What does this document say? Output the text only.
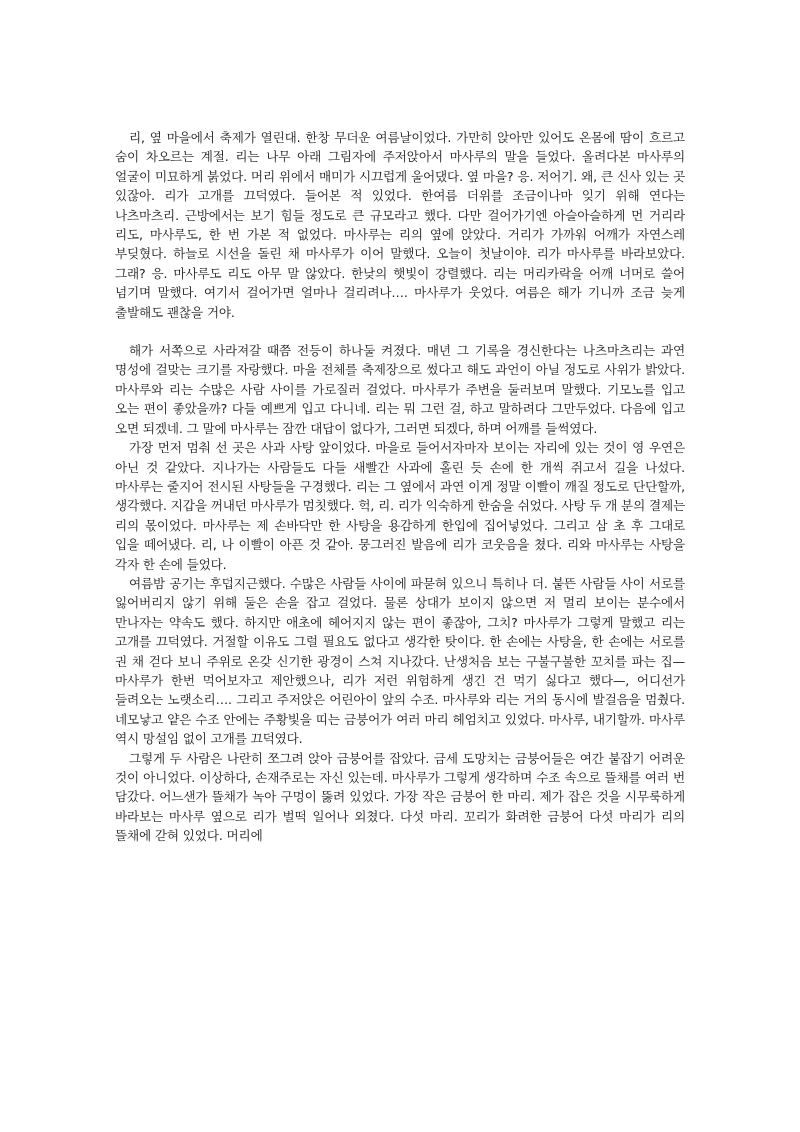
리, 옆 마을에서 축제가 열린대. 한창 무더운 여름날이었다. 가만히 앉아만 있어도 온몸에 땀이 흐르고 숨이 차오르는 계절. 리는 나무 아래 그림자에 주저앉아서 마사루의 말을 들었다. 올려다본 마사루의 얼굴이 미묘하게 붉었다. 머리 위에서 매미가 시끄럽게 울어댔다. 옆 마을? 응. 저어기. 왜, 큰 신사 있는 곳 있잖아. 리가 고개를 끄덕였다. 들어본 적 있었다. 한여름 더위를 조금이나마 잊기 위해 연다는 나츠마츠리. 근방에서는 보기 힘들 정도로 큰 규모라고 했다. 다만 걸어가기엔 아슬아슬하게 먼 거리라 리도, 마사루도, 한 번 가본 적 없었다. 마사루는 리의 옆에 앉았다. 거리가 가까워 어깨가 자연스레 부딪혔다. 하늘로 시선을 돌린 채 마사루가 이어 말했다. 오늘이 첫날이야. 리가 마사루를 바라보았다. 그래? 응. 마사루도 리도 아무 말 않았다. 한낮의 햇빛이 강렬했다. 리는 머리카락을 어깨 너머로 쓸어 넘기며 말했다. 여기서 걸어가면 얼마나 걸리려나…. 마사루가 웃었다. 여름은 해가 기니까 조금 늦게 출발해도 괜찮을 거야.

해가 서쪽으로 사라져갈 때쯤 전등이 하나둘 켜졌다. 매년 그 기록을 경신한다는 나츠마츠리는 과연 명성에 걸맞는 크기를 자랑했다. 마을 전체를 축제장으로 썼다고 해도 과언이 아닐 정도로 사위가 밝았다. 마사루와 리는 수많은 사람 사이를 가로질러 걸었다. 마사루가 주변을 둘러보며 말했다. 기모노를 입고 오는 편이 좋았을까? 다들 예쁘게 입고 다니네. 리는 뭐 그런 걸, 하고 말하려다 그만두었다. 다음에 입고 오면 되겠네. 그 말에 마사루는 잠깐 대답이 없다가, 그러면 되겠다, 하며 어깨를 들썩였다.

가장 먼저 멈춰 선 곳은 사과 사탕 앞이었다. 마을로 들어서자마자 보이는 자리에 있는 것이 영 우연은 아닌 것 같았다. 지나가는 사람들도 다들 새빨간 사과에 홀린 듯 손에 한 개씩 쥐고서 길을 나섰다. 마사루는 줄지어 전시된 사탕들을 구경했다. 리는 그 옆에서 과연 이게 정말 이빨이 깨질 정도로 단단할까, 생각했다. 지갑을 꺼내던 마사루가 멈칫했다. 헉, 리. 리가 익숙하게 한숨을 쉬었다. 사탕 두 개 분의 결제는 리의 몫이었다. 마사루는 제 손바닥만 한 사탕을 용감하게 한입에 집어넣었다. 그리고 삼 초 후 그대로 입을 떼어냈다. 리, 나 이빨이 아픈 것 같아. 뭉그러진 발음에 리가 코웃음을 쳤다. 리와 마사루는 사탕을 각자 한 손에 들었다.

여름밤 공기는 후덥지근했다. 수많은 사람들 사이에 파묻혀 있으니 특히나 더. 붙뜬 사람들 사이 서로를 잃어버리지 않기 위해 둘은 손을 잡고 걸었다. 물론 상대가 보이지 않으면 저 멀리 보이는 분수에서 만나자는 약속도 했다. 하지만 애초에 헤어지지 않는 편이 좋잖아, 그치? 마사루가 그렇게 말했고 리는 고개를 끄덕였다. 거절할 이유도 그럴 필요도 없다고 생각한 탓이다. 한 손에는 사탕을, 한 손에는 서로를 권 채 걷다 보니 주위로 온갖 신기한 광경이 스쳐 지나갔다. 난생처음 보는 구불구불한 꼬치를 파는 집—마사루가 한번 먹어보자고 제안했으나, 리가 저런 위험하게 생긴 건 먹기 싫다고 했다—, 어디선가 들려오는 노랫소리…. 그리고 주저앉은 어린아이 앞의 수조. 마사루와 리는 거의 동시에 발걸음을 멈췄다. 네모낳고 얕은 수조 안에는 주황빛을 띠는 금붕어가 여러 마리 헤엄치고 있었다. 마사루, 내기할까. 마사루 역시 망설임 없이 고개를 끄덕였다.

그렇게 두 사람은 나란히 쪼그려 앉아 금붕어를 잡았다. 금세 도망치는 금붕어들은 여간 붙잡기 어려운 것이 아니었다. 이상하다, 손재주로는 자신 있는데. 마사루가 그렇게 생각하며 수조 속으로 뜰채를 여러 번 담갔다. 어느샌가 뜰채가 녹아 구멍이 뚫려 있었다. 가장 작은 금붕어 한 마리. 제가 잡은 것을 시무룩하게 바라보는 마사루 옆으로 리가 벌떡 일어나 외쳤다. 다섯 마리. 꼬리가 화려한 금붕어 다섯 마리가 리의 뜰채에 갇혀 있었다. 머리에
